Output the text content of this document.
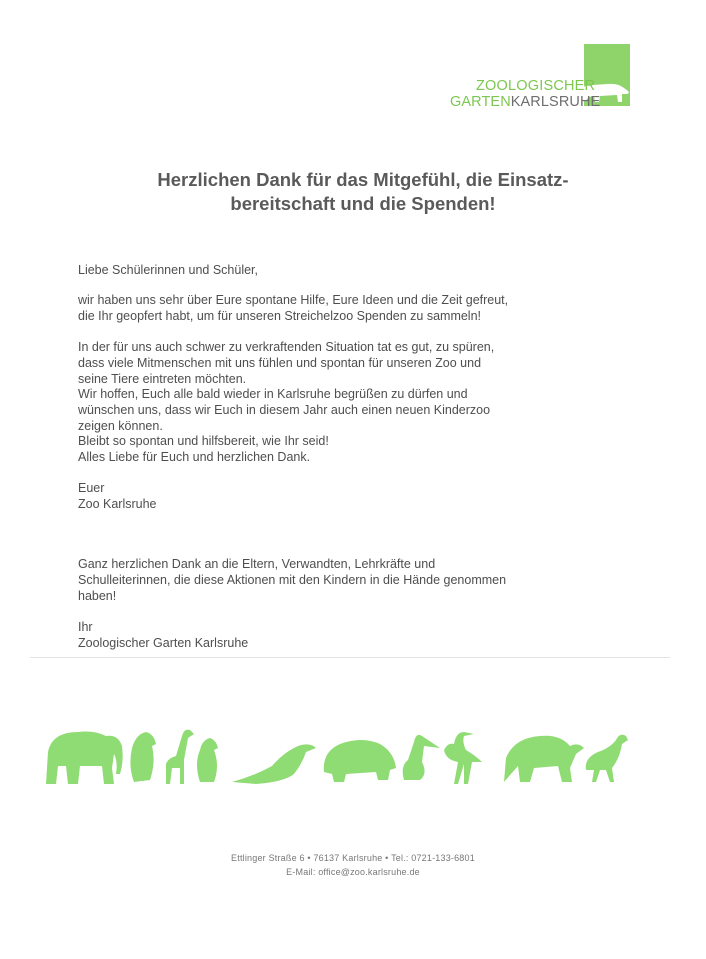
ZOOLOGISCHER
GARTENKARLSRUHE
Herzlichen Dank für das Mitgefühl, die Einsatz-
bereitschaft und die Spenden!
Liebe Schülerinnen und Schüler,
wir haben uns sehr über Eure spontane Hilfe, Eure Ideen und die Zeit gefreut,
die Ihr geopfert habt, um für unseren Streichelzoo Spenden zu sammeln!
In der für uns auch schwer zu verkraftenden Situation tat es gut, zu spüren,
dass viele Mitmenschen mit uns fühlen und spontan für unseren Zoo und
seine Tiere eintreten möchten.
Wir hoffen, Euch alle bald wieder in Karlsruhe begrüßen zu dürfen und
wünschen uns, dass wir Euch in diesem Jahr auch einen neuen Kinderzoo
zeigen können.
Bleibt so spontan und hilfsbereit, wie Ihr seid!
Alles Liebe für Euch und herzlichen Dank.
Euer
Zoo Karlsruhe
Ganz herzlichen Dank an die Eltern, Verwandten, Lehrkräfte und
Schulleiterinnen, die diese Aktionen mit den Kindern in die Hände genommen
haben!
Ihr
Zoologischer Garten Karlsruhe
Ettlinger Straße 6 • 76137 Karlsruhe • Tel.: 0721-133-6801
E-Mail: office@zoo.karlsruhe.de
